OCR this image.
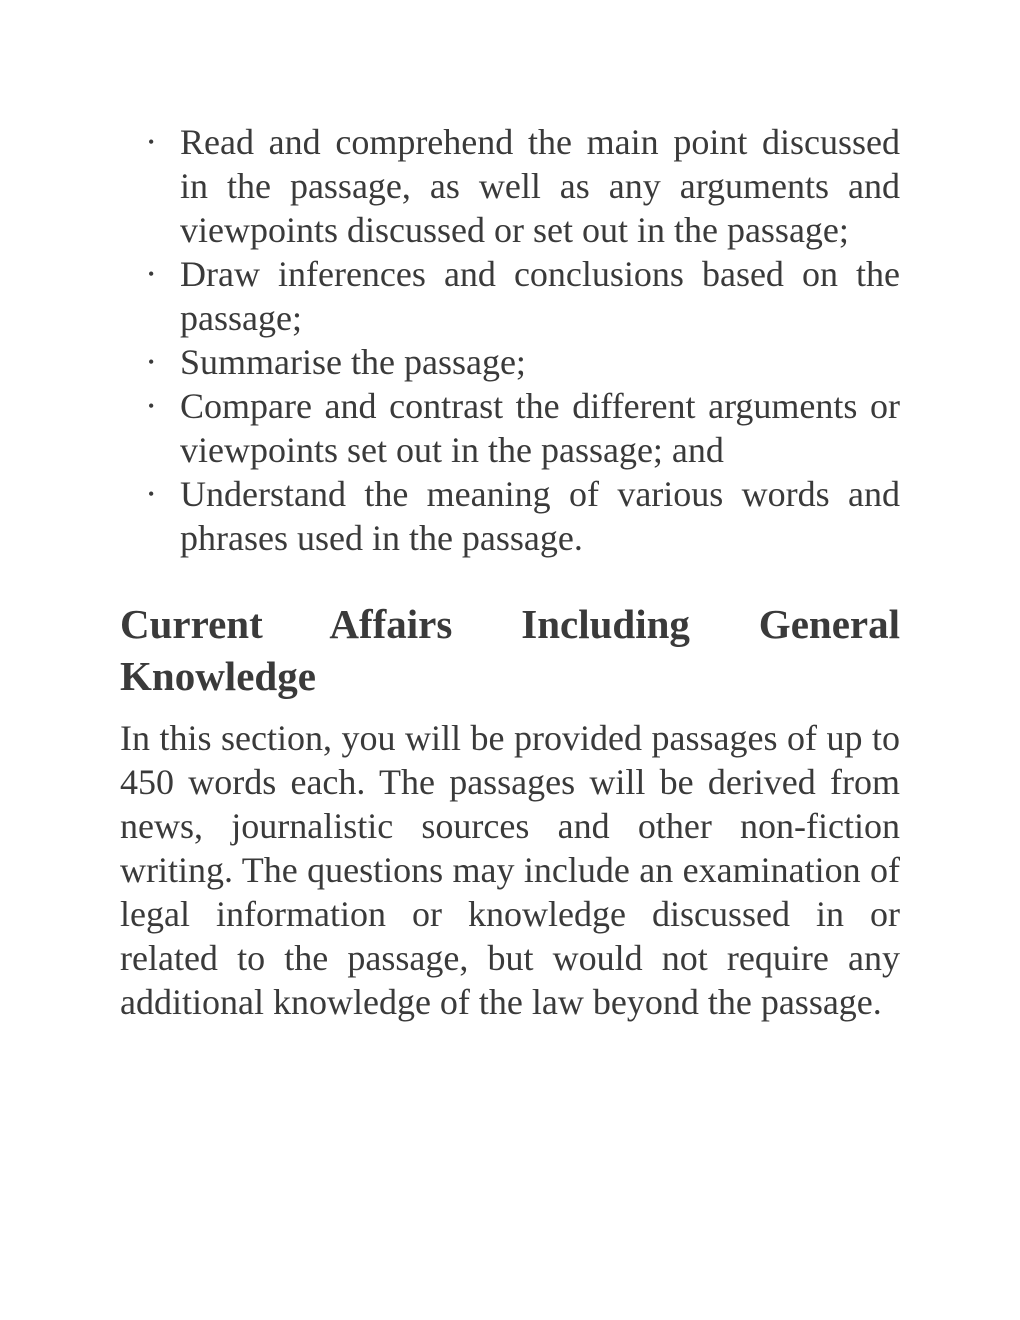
• Read and comprehend the main point discussed in the passage, as well as any arguments and viewpoints discussed or set out in the passage;
• Draw inferences and conclusions based on the passage;
• Summarise the passage;
• Compare and contrast the different arguments or viewpoints set out in the passage; and
• Understand the meaning of various words and phrases used in the passage.
Current Affairs Including General Knowledge

In this section, you will be provided passages of up to 450 words each. The passages will be derived from news, journalistic sources and other non-fiction writing. The questions may include an examination of legal information or knowledge discussed in or related to the passage, but would not require any additional knowledge of the law beyond the passage.
